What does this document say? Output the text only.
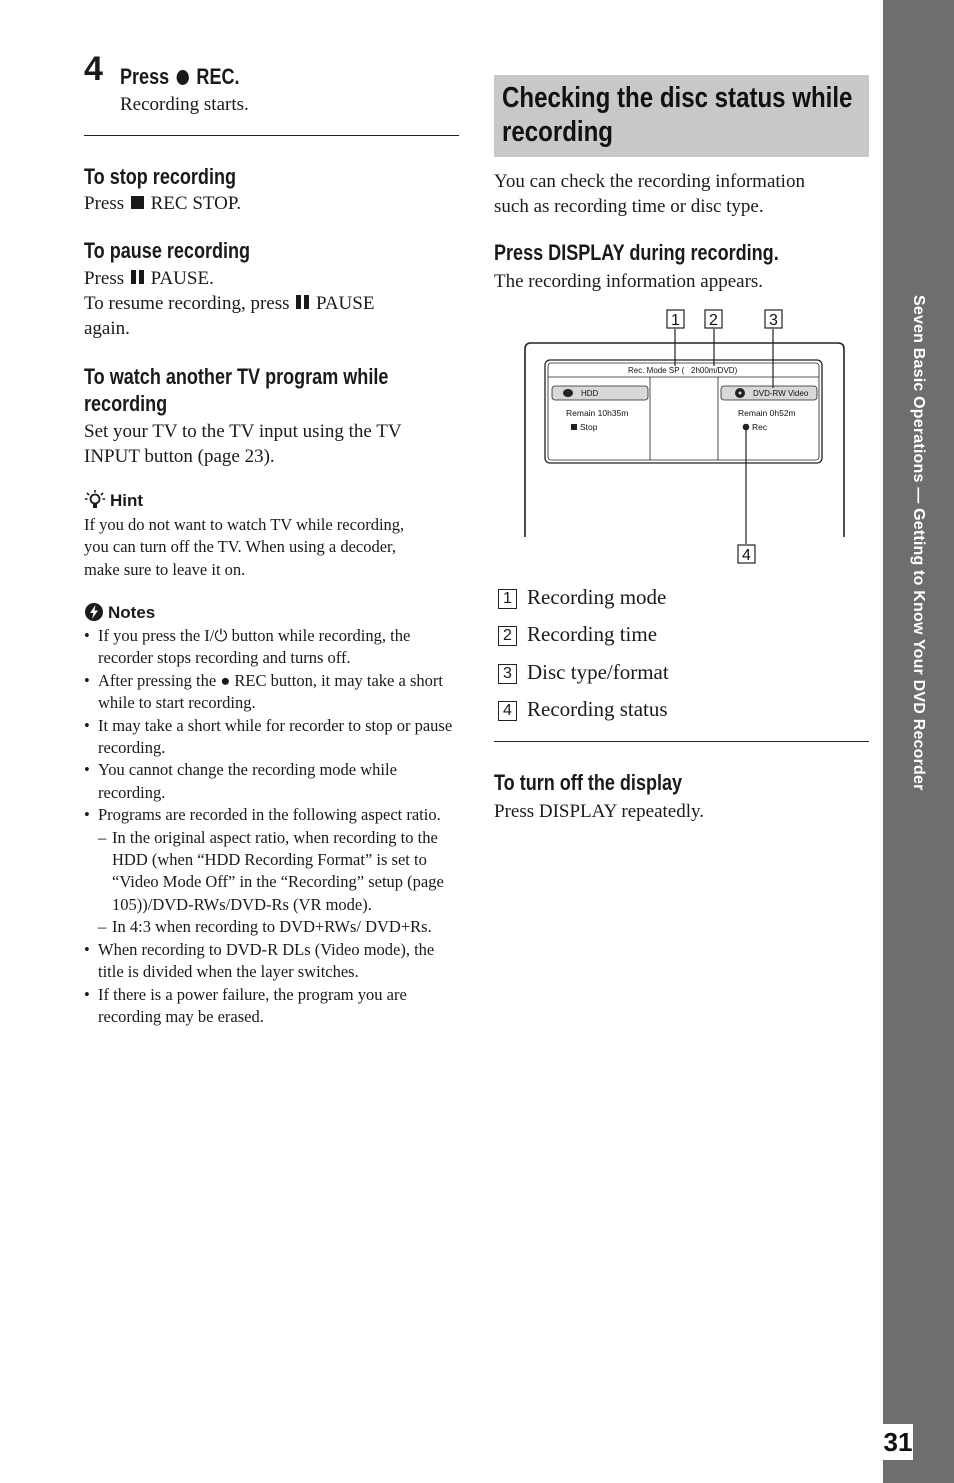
4 Press REC.
Recording starts.
To stop recording
Press REC STOP.
To pause recording
Press PAUSE.
To resume recording, press PAUSE
again.
To watch another TV program while
recording
Set your TV to the TV input using the TV
INPUT button (page 23).
Hint
If you do not want to watch TV while recording,
you can turn off the TV. When using a decoder,
make sure to leave it on.
Notes
• If you press the I/⏻ button while recording, the recorder stops recording and turns off.
• After pressing the ● REC button, it may take a short while to start recording.
• It may take a short while for recorder to stop or pause recording.
• You cannot change the recording mode while recording.
• Programs are recorded in the following aspect ratio.
– In the original aspect ratio, when recording to the HDD (when “HDD Recording Format” is set to “Video Mode Off” in the “Recording” setup (page 105))/DVD-RWs/DVD-Rs (VR mode).
– In 4:3 when recording to DVD+RWs/ DVD+Rs.
• When recording to DVD-R DLs (Video mode), the title is divided when the layer switches.
• If there is a power failure, the program you are recording may be erased.
Checking the disc status while recording
You can check the recording information
such as recording time or disc type.
Press DISPLAY during recording.
The recording information appears.
Rec. Mode SP ( 2h00m/DVD)
HDD
Remain 10h35m
Stop
DVD-RW Video
Remain 0h52m
Rec
1 2	3
4
1 Recording mode
2 Recording time
3 Disc type/format
4 Recording status
To turn off the display
Press DISPLAY repeatedly.
Seven Basic Operations — Getting to Know Your DVD Recorder
31
